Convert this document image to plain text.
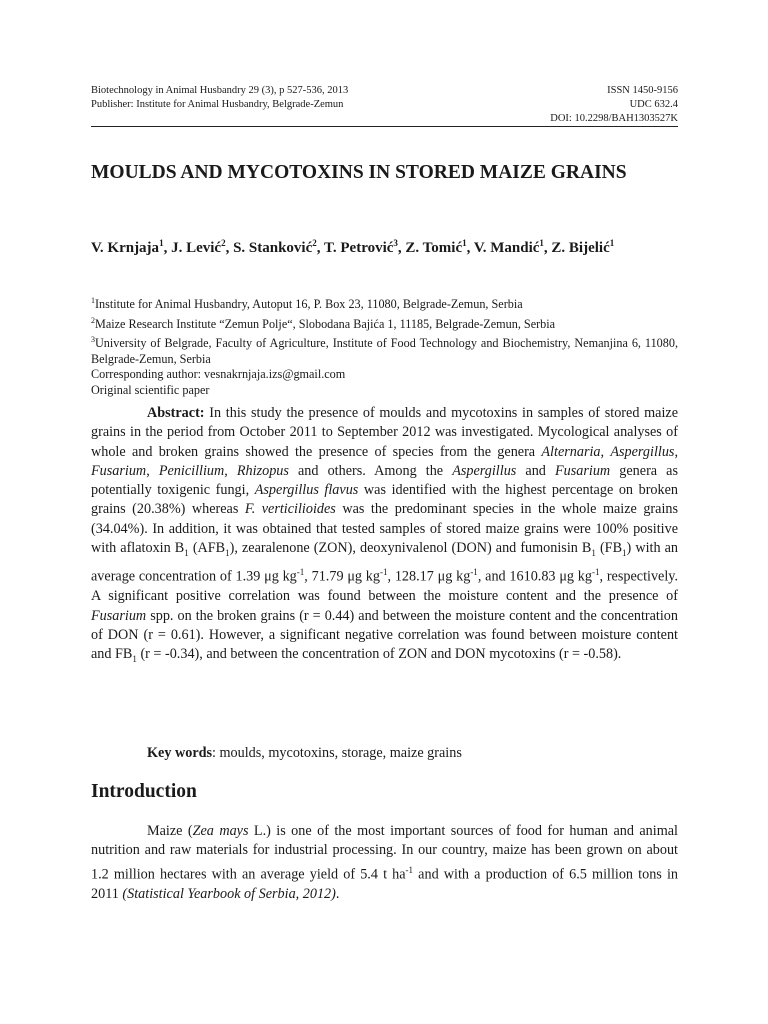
Biotechnology in Animal Husbandry 29 (3), p 527-536, 2013	ISSN 1450-9156
Publisher: Institute for Animal Husbandry, Belgrade-Zemun	UDC 632.4
DOI: 10.2298/BAH1303527K
MOULDS AND MYCOTOXINS IN STORED MAIZE GRAINS
V. Krnjaja$^1$, J. Lević$^2$, S. Stanković$^2$, T. Petrović$^3$, Z. Tomić$^1$, V. Mandić$^1$, Z. Bijelić$^1$

$^1$Institute for Animal Husbandry, Autoput 16, P. Box 23, 11080, Belgrade-Zemun, Serbia

$^2$Maize Research Institute “Zemun Polje“, Slobodana Bajića 1, 11185, Belgrade-Zemun, Serbia

$^3$University of Belgrade, Faculty of Agriculture, Institute of Food Technology and Biochemistry, Nemanjina 6, 11080, Belgrade-Zemun, Serbia

Corresponding author: vesnakrnjaja.izs@gmail.com

Original scientific paper

Abstract: In this study the presence of moulds and mycotoxins in samples of stored maize grains in the period from October 2011 to September 2012 was investigated. Mycological analyses of whole and broken grains showed the presence of species from the genera Alternaria, Aspergillus, Fusarium, Penicillium, Rhizopus and others. Among the Aspergillus and Fusarium genera as potentially toxigenic fungi, Aspergillus flavus was identified with the highest percentage on broken grains (20.38%) whereas F. verticilioides was the predominant species in the whole maize grains (34.04%). In addition, it was obtained that tested samples of stored maize grains were 100% positive with aflatoxin $B_1$ $(AFB_1)$, zearalenone (ZON), deoxynivalenol (DON) and fumonisin $B_1$ $(FB_1)$ with an average concentration of 1.39 μg $kg^{-1}$, 71.79 μg $kg^{-1}$, 128.17 μg $kg^{-1}$, and 1610.83 μg $kg^{-1}$, respectively. A significant positive correlation was found between the moisture content and the presence of Fusarium spp. on the broken grains (r = 0.44) and between the moisture content and the concentration of DON (r = 0.61). However, a significant negative correlation was found between moisture content and $FB_1$ (r = -0.34), and between the concentration of ZON and DON mycotoxins (r = -0.58).

Key words: moulds, mycotoxins, storage, maize grains
Introduction

Maize (Zea mays L.) is one of the most important sources of food for human and animal nutrition and raw materials for industrial processing. In our country, maize has been grown on about 1.2 million hectares with an average yield of 5.4 t $ha^{-1}$ and with a production of 6.5 million tons in 2011 (Statistical Yearbook of Serbia, 2012).
